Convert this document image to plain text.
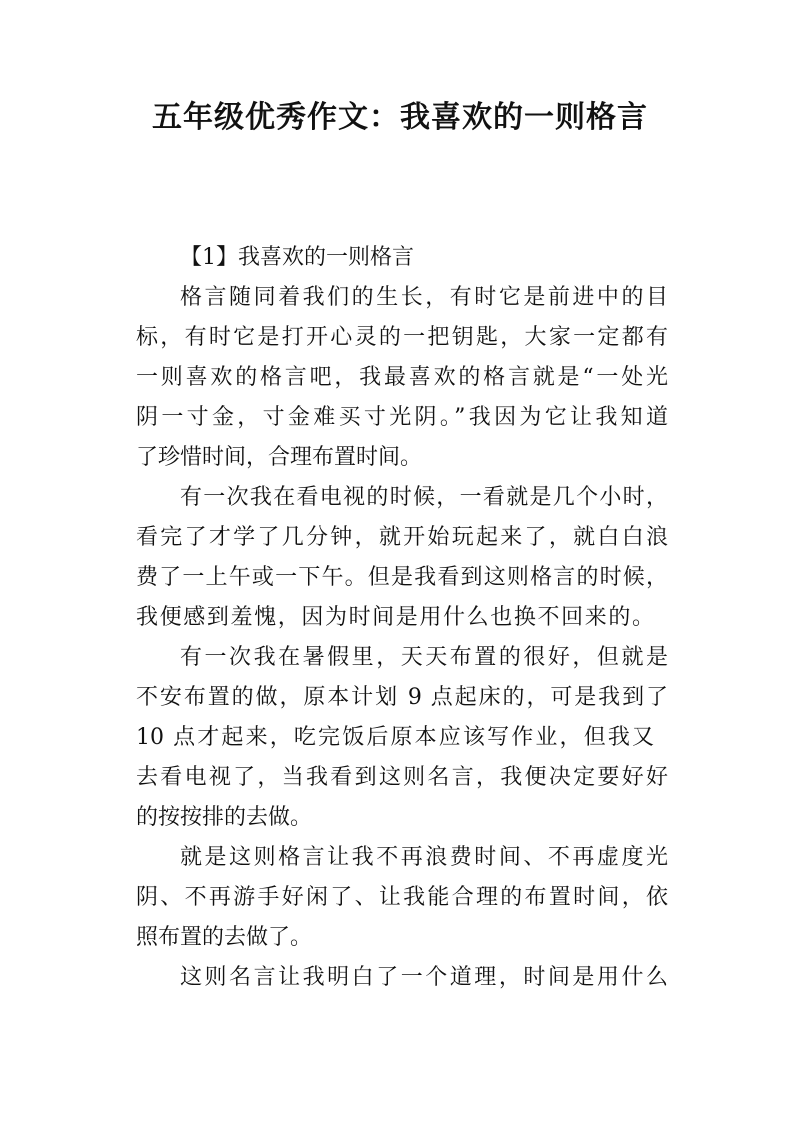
五年级优秀作文：我喜欢的一则格言
【1】我喜欢的一则格言
格言随同着我们的生长，有时它是前进中的目
标，有时它是打开心灵的一把钥匙，大家一定都有
一则喜欢的格言吧，我最喜欢的格言就是“一处光
阴一寸金，寸金难买寸光阴。”我因为它让我知道
了珍惜时间，合理布置时间。
有一次我在看电视的时候，一看就是几个小时，
看完了才学了几分钟，就开始玩起来了，就白白浪
费了一上午或一下午。但是我看到这则格言的时候，
我便感到羞愧，因为时间是用什么也换不回来的。
有一次我在暑假里，天天布置的很好，但就是
不安布置的做，原本计划 9 点起床的，可是我到了
10 点才起来，吃完饭后原本应该写作业，但我又
去看电视了，当我看到这则名言，我便决定要好好
的按按排的去做。
就是这则格言让我不再浪费时间、不再虚度光
阴、不再游手好闲了、让我能合理的布置时间，依
照布置的去做了。
这则名言让我明白了一个道理，时间是用什么
